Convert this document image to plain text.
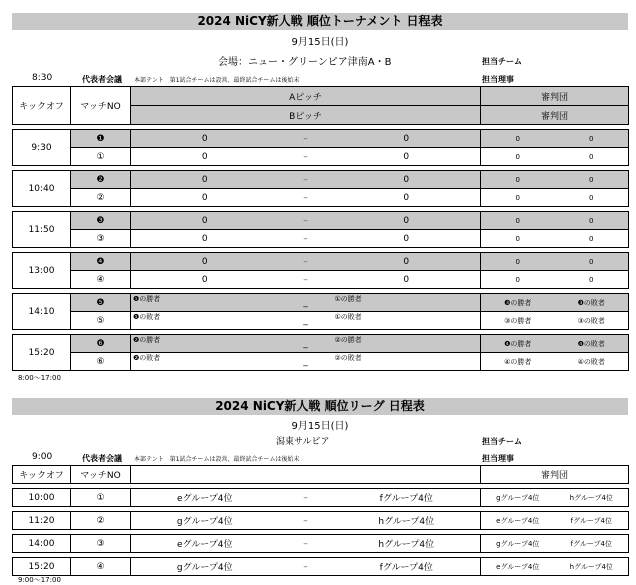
2024 NiCY新人戦 順位トーナメント 日程表
9月15日(日)
会場：ニュー・グリーンピア津南A・B	担当チーム
8:30	代表者会議 本部テント　第1試合チームは設営、最終試合チームは後始末	担当理事
キックオフ	マッチNO	Aピッチ			審判団	
		Bピッチ			審判団	

9:30	❶	0	–	0	0	0
	①	0	–	0	0	0

10:40	❷	0	–	0	0	0
	②	0	–	0	0	0

11:50	❸	0	–	0	0	0
	③	0	–	0	0	0

13:00	❹	0	–	0	0	0
	④	0	–	0	0	0

14:10	❺	❶の勝者	_	①の勝者	❸の勝者	❸の敗者
	⑤	❶の敗者	_	①の敗者	③の勝者	③の敗者

15:20	❻	❷の勝者	_	②の勝者	❹の勝者	❹の敗者
	⑥	❷の敗者	_	②の敗者	④の勝者	④の敗者
8:00～17:00
2024 NiCY新人戦 順位リーグ 日程表
9月15日(日)
潟東サルビア	担当チーム
9:00	代表者会議 本部テント　第1試合チームは設営、最終試合チームは後始末	担当理事
キックオフ	マッチNO				審判団	

10:00	①	eグループ4位	–	fグループ4位	gグループ4位	hグループ4位

11:20	②	gグループ4位	–	hグループ4位	eグループ4位	fグループ4位

14:00	③	eグループ4位	–	hグループ4位	gグループ4位	fグループ4位

15:20	④	gグループ4位	–	fグループ4位	eグループ4位	hグループ4位
9:00～17:00
